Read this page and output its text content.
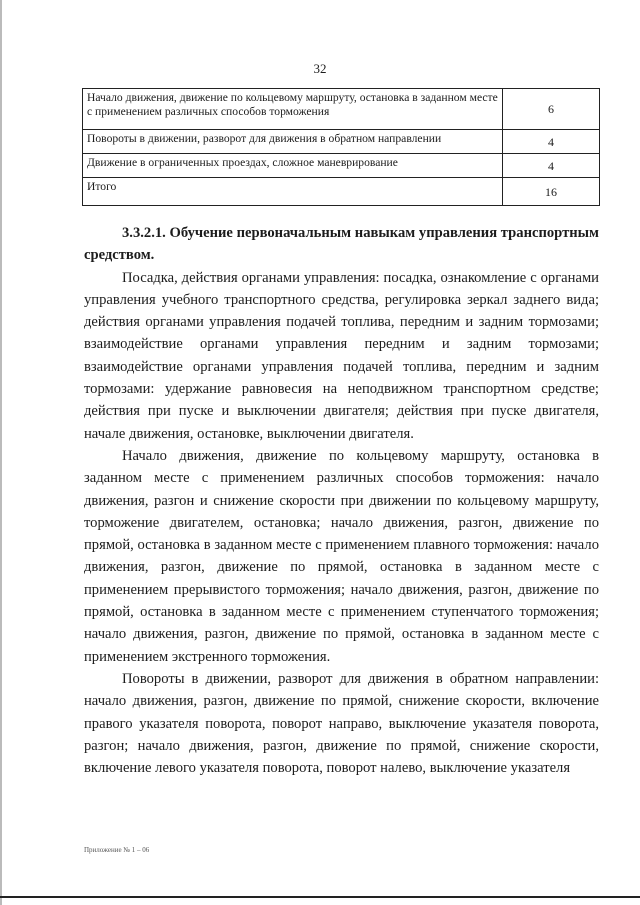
32
Начало движения, движение по кольцевому маршруту, остановка в заданном месте с применением различных способов торможения	6
Повороты в движении, разворот для движения в обратном направлении	4
Движение в ограниченных проездах, сложное маневрирование	4
Итого	16

3.3.2.1. Обучение первоначальным навыкам управления транспортным средством.

Посадка, действия органами управления: посадка, ознакомление с органами управления учебного транспортного средства, регулировка зеркал заднего вида; действия органами управления подачей топлива, передним и задним тормозами; взаимодействие органами управления передним и задним тормозами; взаимодействие органами управления подачей топлива, передним и задним тормозами: удержание равновесия на неподвижном транспортном средстве; действия при пуске и выключении двигателя; действия при пуске двигателя, начале движения, остановке, выключении двигателя.

Начало движения, движение по кольцевому маршруту, остановка в заданном месте с применением различных способов торможения: начало движения, разгон и снижение скорости при движении по кольцевому маршруту, торможение двигателем, остановка; начало движения, разгон, движение по прямой, остановка в заданном месте с применением плавного торможения: начало движения, разгон, движение по прямой, остановка в заданном месте с применением прерывистого торможения; начало движения, разгон, движение по прямой, остановка в заданном месте с применением ступенчатого торможения; начало движения, разгон, движение по прямой, остановка в заданном месте с применением экстренного торможения.

Повороты в движении, разворот для движения в обратном направлении: начало движения, разгон, движение по прямой, снижение скорости, включение правого указателя поворота, поворот направо, выключение указателя поворота, разгон; начало движения, разгон, движение по прямой, снижение скорости, включение левого указателя поворота, поворот налево, выключение указателя

Приложение № 1 – 06
